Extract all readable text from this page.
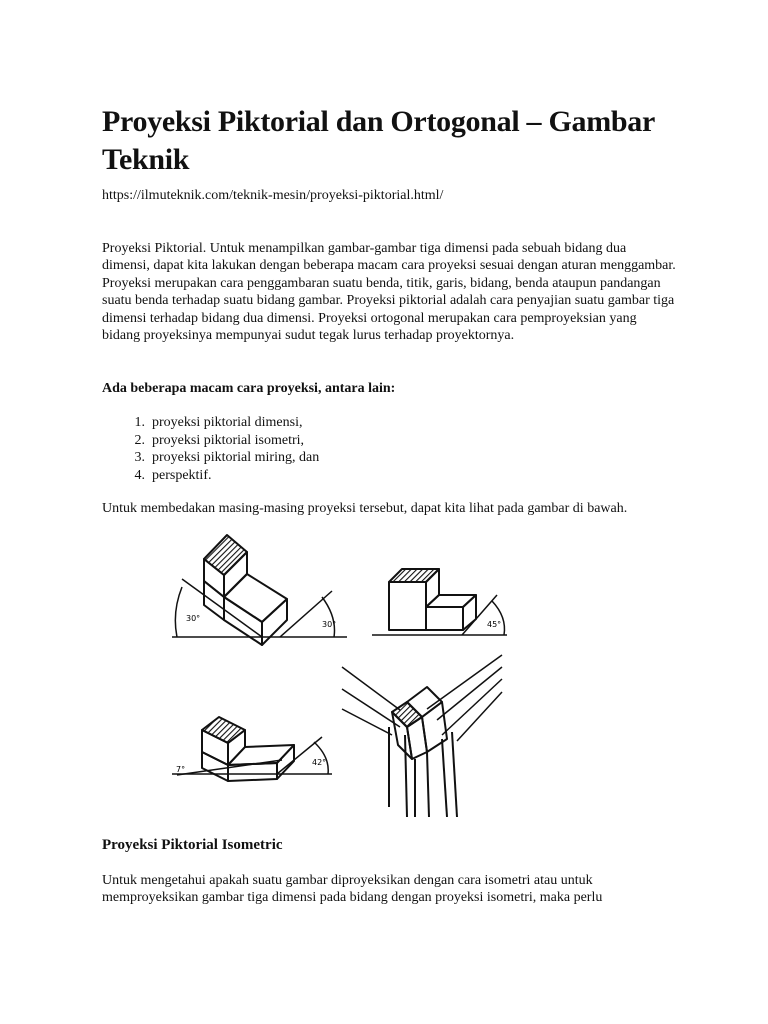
Proyeksi Piktorial dan Ortogonal – Gambar Teknik
https://ilmuteknik.com/teknik-mesin/proyeksi-piktorial.html/

Proyeksi Piktorial. Untuk menampilkan gambar-gambar tiga dimensi pada sebuah bidang dua dimensi, dapat kita lakukan dengan beberapa macam cara proyeksi sesuai dengan aturan menggambar. Proyeksi merupakan cara penggambaran suatu benda, titik, garis, bidang, benda ataupun pandangan suatu benda terhadap suatu bidang gambar. Proyeksi piktorial adalah cara penyajian suatu gambar tiga dimensi terhadap bidang dua dimensi. Proyeksi ortogonal merupakan cara pemproyeksian yang bidang proyeksinya mempunyai sudut tegak lurus terhadap proyektornya.

Ada beberapa macam cara proyeksi, antara lain:
1.
proyeksi piktorial dimensi,
2.
proyeksi piktorial isometri,
3.
proyeksi piktorial miring, dan
4.
perspektif.

Untuk membedakan masing-masing proyeksi tersebut, dapat kita lihat pada gambar di bawah.

30°
30°	45°
7°
42°
Proyeksi Piktorial Isometric

Untuk mengetahui apakah suatu gambar diproyeksikan dengan cara isometri atau untuk memproyeksikan gambar tiga dimensi pada bidang dengan proyeksi isometri, maka perlu
